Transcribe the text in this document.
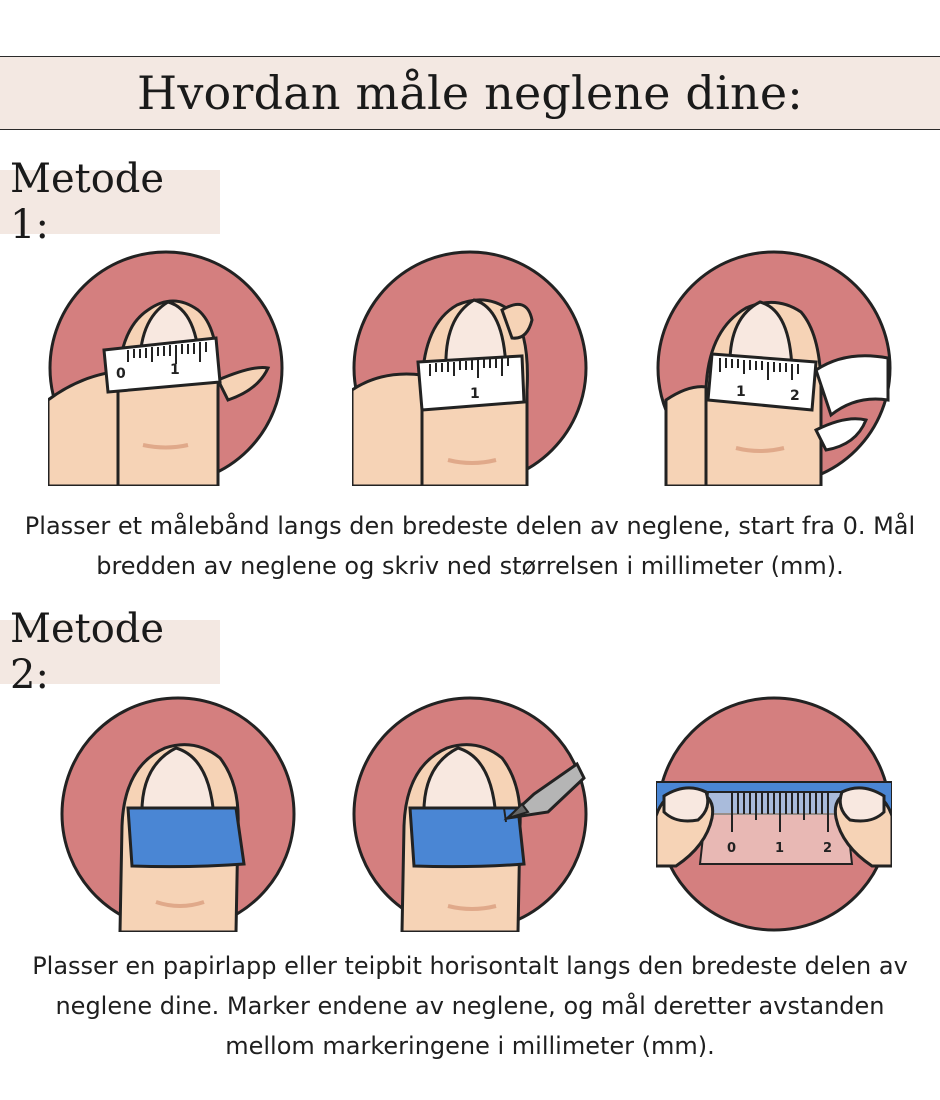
Hvordan måle neglene dine:
Metode 1:
0	1
1	1	2

Plasser et målebånd langs den bredeste delen av neglene, start fra 0. Mål bredden av neglene og skriv ned størrelsen i millimeter (mm).

Metode 2:
0	1	2

Plasser en papirlapp eller teipbit horisontalt langs den bredeste delen av neglene dine. Marker endene av neglene, og mål deretter avstanden mellom markeringene i millimeter (mm).
